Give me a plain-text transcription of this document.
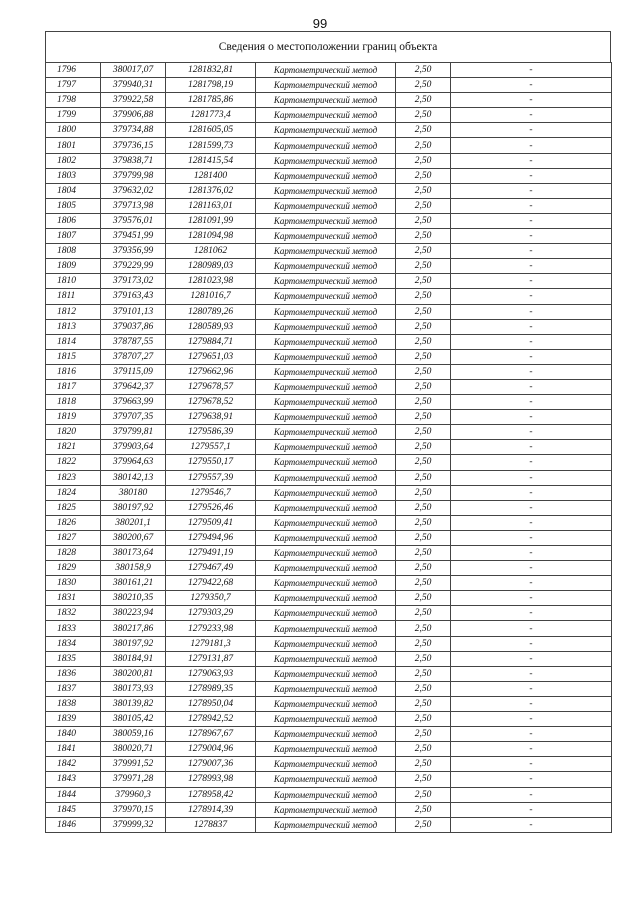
99
Сведения о местоположении границ объекта
1796	380017,07	1281832,81	Картометрический метод	2,50	-
1797	379940,31	1281798,19	Картометрический метод	2,50	-
1798	379922,58	1281785,86	Картометрический метод	2,50	-
1799	379906,88	1281773,4	Картометрический метод	2,50	-
1800	379734,88	1281605,05	Картометрический метод	2,50	-
1801	379736,15	1281599,73	Картометрический метод	2,50	-
1802	379838,71	1281415,54	Картометрический метод	2,50	-
1803	379799,98	1281400	Картометрический метод	2,50	-
1804	379632,02	1281376,02	Картометрический метод	2,50	-
1805	379713,98	1281163,01	Картометрический метод	2,50	-
1806	379576,01	1281091,99	Картометрический метод	2,50	-
1807	379451,99	1281094,98	Картометрический метод	2,50	-
1808	379356,99	1281062	Картометрический метод	2,50	-
1809	379229,99	1280989,03	Картометрический метод	2,50	-
1810	379173,02	1281023,98	Картометрический метод	2,50	-
1811	379163,43	1281016,7	Картометрический метод	2,50	-
1812	379101,13	1280789,26	Картометрический метод	2,50	-
1813	379037,86	1280589,93	Картометрический метод	2,50	-
1814	378787,55	1279884,71	Картометрический метод	2,50	-
1815	378707,27	1279651,03	Картометрический метод	2,50	-
1816	379115,09	1279662,96	Картометрический метод	2,50	-
1817	379642,37	1279678,57	Картометрический метод	2,50	-
1818	379663,99	1279678,52	Картометрический метод	2,50	-
1819	379707,35	1279638,91	Картометрический метод	2,50	-
1820	379799,81	1279586,39	Картометрический метод	2,50	-
1821	379903,64	1279557,1	Картометрический метод	2,50	-
1822	379964,63	1279550,17	Картометрический метод	2,50	-
1823	380142,13	1279557,39	Картометрический метод	2,50	-
1824	380180	1279546,7	Картометрический метод	2,50	-
1825	380197,92	1279526,46	Картометрический метод	2,50	-
1826	380201,1	1279509,41	Картометрический метод	2,50	-
1827	380200,67	1279494,96	Картометрический метод	2,50	-
1828	380173,64	1279491,19	Картометрический метод	2,50	-
1829	380158,9	1279467,49	Картометрический метод	2,50	-
1830	380161,21	1279422,68	Картометрический метод	2,50	-
1831	380210,35	1279350,7	Картометрический метод	2,50	-
1832	380223,94	1279303,29	Картометрический метод	2,50	-
1833	380217,86	1279233,98	Картометрический метод	2,50	-
1834	380197,92	1279181,3	Картометрический метод	2,50	-
1835	380184,91	1279131,87	Картометрический метод	2,50	-
1836	380200,81	1279063,93	Картометрический метод	2,50	-
1837	380173,93	1278989,35	Картометрический метод	2,50	-
1838	380139,82	1278950,04	Картометрический метод	2,50	-
1839	380105,42	1278942,52	Картометрический метод	2,50	-
1840	380059,16	1278967,67	Картометрический метод	2,50	-
1841	380020,71	1279004,96	Картометрический метод	2,50	-
1842	379991,52	1279007,36	Картометрический метод	2,50	-
1843	379971,28	1278993,98	Картометрический метод	2,50	-
1844	379960,3	1278958,42	Картометрический метод	2,50	-
1845	379970,15	1278914,39	Картометрический метод	2,50	-
1846	379999,32	1278837	Картометрический метод	2,50	-
